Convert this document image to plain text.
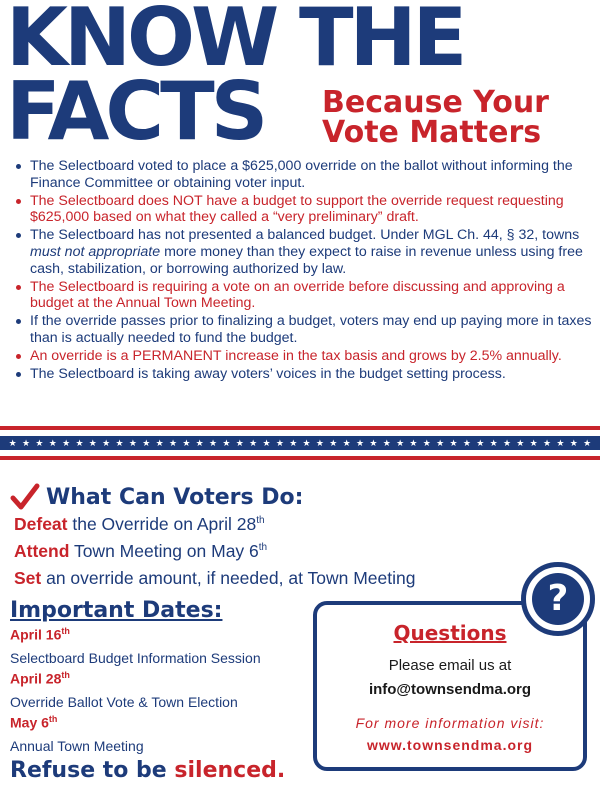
KNOW THE
FACTS Because Your
Vote Matters
The Selectboard voted to place a $625,000 override on the ballot without informing the Finance Committee or obtaining voter input.
The Selectboard does NOT have a budget to support the override request requesting $625,000 based on what they called a “very preliminary” draft.
The Selectboard has not presented a balanced budget. Under MGL Ch. 44, § 32, towns must not appropriate more money than they expect to raise in revenue unless using free cash, stabilization, or borrowing authorized by law.
The Selectboard is requiring a vote on an override before discussing and approving a budget at the Annual Town Meeting.
If the override passes prior to finalizing a budget, voters may end up paying more in taxes than is actually needed to fund the budget.
An override is a PERMANENT increase in the tax basis and grows by 2.5% annually.
The Selectboard is taking away voters’ voices in the budget setting process.
★ ★ ★ ★ ★ ★ ★ ★ ★ ★ ★ ★ ★ ★ ★ ★ ★ ★ ★ ★ ★ ★ ★ ★ ★ ★ ★ ★ ★ ★ ★ ★ ★ ★ ★ ★ ★ ★ ★ ★ ★ ★ ★ ★
What Can Voters Do:
Defeat the Override on April 28th
Attend Town Meeting on May 6th
Set an override amount, if needed, at Town Meeting
Important Dates:
April 16th
Selectboard Budget Information Session
April 28th
Override Ballot Vote & Town Election
May 6th
Annual Town Meeting
Refuse to be silenced.
Questions
Please email us at
info@townsendma.org
For more information visit:
www.townsendma.org
?
